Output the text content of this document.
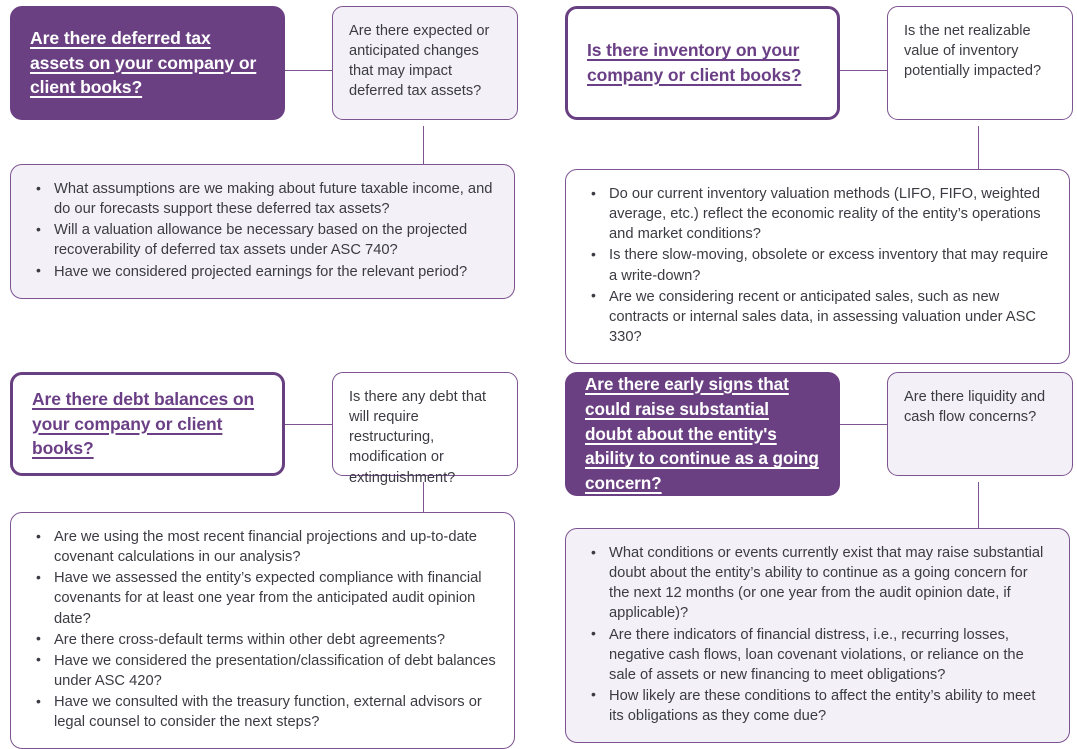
Are there deferred tax assets on your company or client books?
Are there expected or anticipated changes that may impact deferred tax assets?
• What assumptions are we making about future taxable income, and do our forecasts support these deferred tax assets?
• Will a valuation allowance be necessary based on the projected recoverability of deferred tax assets under ASC 740?
• Have we considered projected earnings for the relevant period?
Is there inventory on your company or client books?
Is the net realizable value of inventory potentially impacted?
• Do our current inventory valuation methods (LIFO, FIFO, weighted average, etc.) reflect the economic reality of the entity’s operations and market conditions?
• Is there slow-moving, obsolete or excess inventory that may require a write-down?
• Are we considering recent or anticipated sales, such as new contracts or internal sales data, in assessing valuation under ASC 330?
Are there debt balances on your company or client books?
Is there any debt that will require restructuring, modification or extinguishment?
• Are we using the most recent financial projections and up-to-date covenant calculations in our analysis?
• Have we assessed the entity’s expected compliance with financial covenants for at least one year from the anticipated audit opinion date?
• Are there cross-default terms within other debt agreements?
• Have we considered the presentation/classification of debt balances under ASC 420?
• Have we consulted with the treasury function, external advisors or legal counsel to consider the next steps?
Are there early signs that could raise substantial doubt about the entity's ability to continue as a going concern?
Are there liquidity and cash flow concerns?
• What conditions or events currently exist that may raise substantial doubt about the entity’s ability to continue as a going concern for the next 12 months (or one year from the audit opinion date, if applicable)?
• Are there indicators of financial distress, i.e., recurring losses, negative cash flows, loan covenant violations, or reliance on the sale of assets or new financing to meet obligations?
• How likely are these conditions to affect the entity’s ability to meet its obligations as they come due?
